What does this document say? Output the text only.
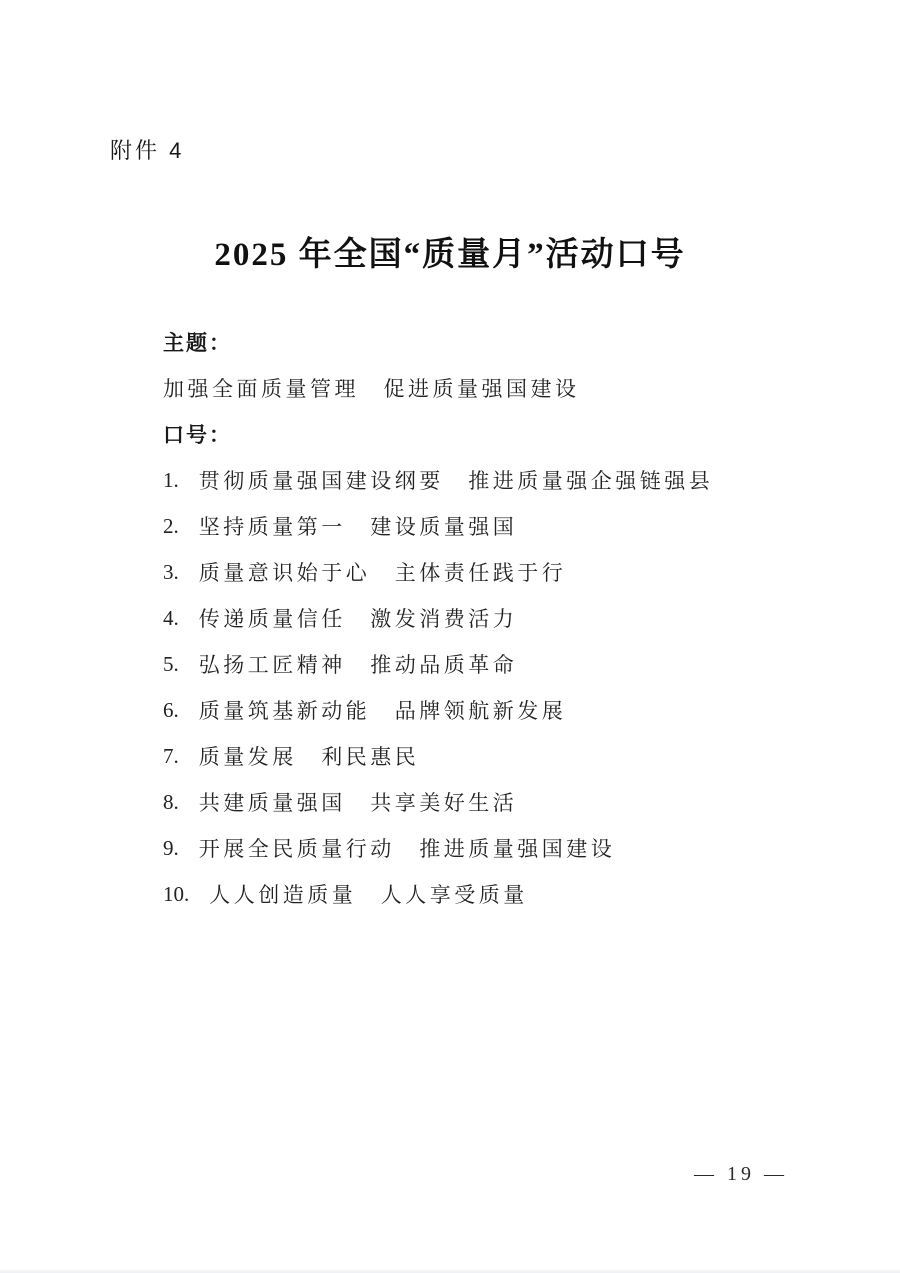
附件 4
2025 年全国“质量月”活动口号
主题：
加强全面质量管理　促进质量强国建设
口号：
1. 贯彻质量强国建设纲要　推进质量强企强链强县
2. 坚持质量第一　建设质量强国
3. 质量意识始于心　主体责任践于行
4. 传递质量信任　激发消费活力
5. 弘扬工匠精神　推动品质革命
6. 质量筑基新动能　品牌领航新发展
7. 质量发展　利民惠民
8. 共建质量强国　共享美好生活
9. 开展全民质量行动　推进质量强国建设
10. 人人创造质量　人人享受质量
— 19 —
